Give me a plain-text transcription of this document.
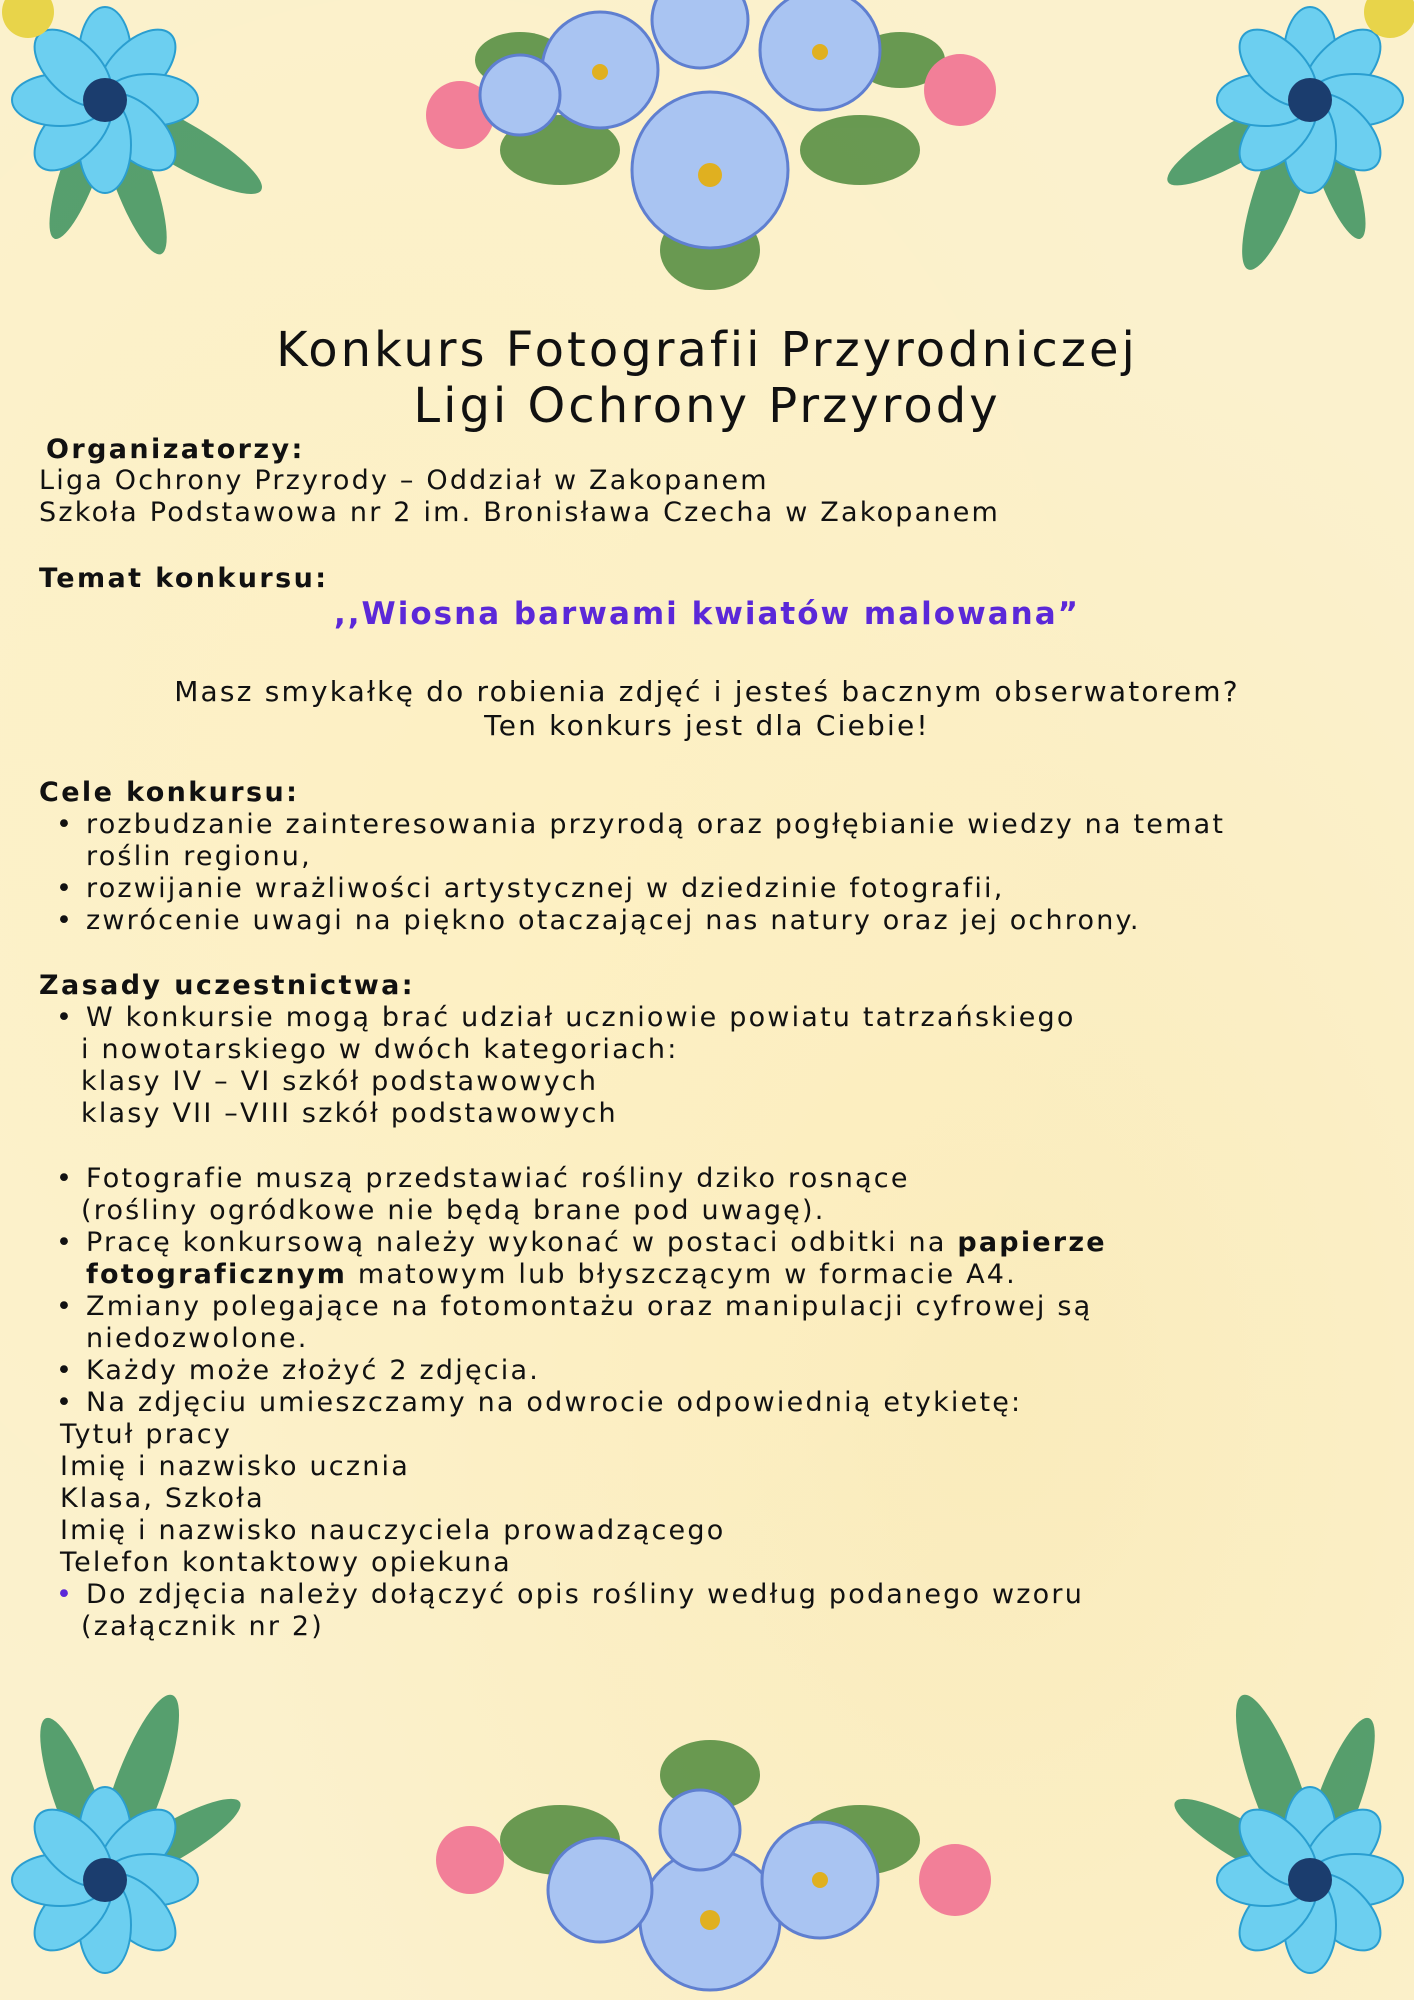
Konkurs Fotografii Przyrodniczej
Ligi Ochrony Przyrody
Organizatorzy:
Liga Ochrony Przyrody – Oddział w Zakopanem
Szkoła Podstawowa nr 2 im. Bronisława Czecha w Zakopanem
Temat konkursu:
,,Wiosna barwami kwiatów malowana”
Masz smykałkę do robienia zdjęć i jesteś bacznym obserwatorem?
Ten konkurs jest dla Ciebie!
Cele konkursu:
• rozbudzanie zainteresowania przyrodą oraz pogłębianie wiedzy na temat
roślin regionu,
• rozwijanie wrażliwości artystycznej w dziedzinie fotografii,
• zwrócenie uwagi na piękno otaczającej nas natury oraz jej ochrony.
Zasady uczestnictwa:
• W konkursie mogą brać udział uczniowie powiatu tatrzańskiego
i nowotarskiego w dwóch kategoriach:
klasy IV – VI szkół podstawowych
klasy VII –VIII szkół podstawowych
• Fotografie muszą przedstawiać rośliny dziko rosnące
(rośliny ogródkowe nie będą brane pod uwagę).
• Pracę konkursową należy wykonać w postaci odbitki na papierze
fotograficznym matowym lub błyszczącym w formacie A4.
• Zmiany polegające na fotomontażu oraz manipulacji cyfrowej są
niedozwolone.
• Każdy może złożyć 2 zdjęcia.
• Na zdjęciu umieszczamy na odwrocie odpowiednią etykietę:
Tytuł pracy
Imię i nazwisko ucznia
Klasa, Szkoła
Imię i nazwisko nauczyciela prowadzącego
Telefon kontaktowy opiekuna
• Do zdjęcia należy dołączyć opis rośliny według podanego wzoru
(załącznik nr 2)
